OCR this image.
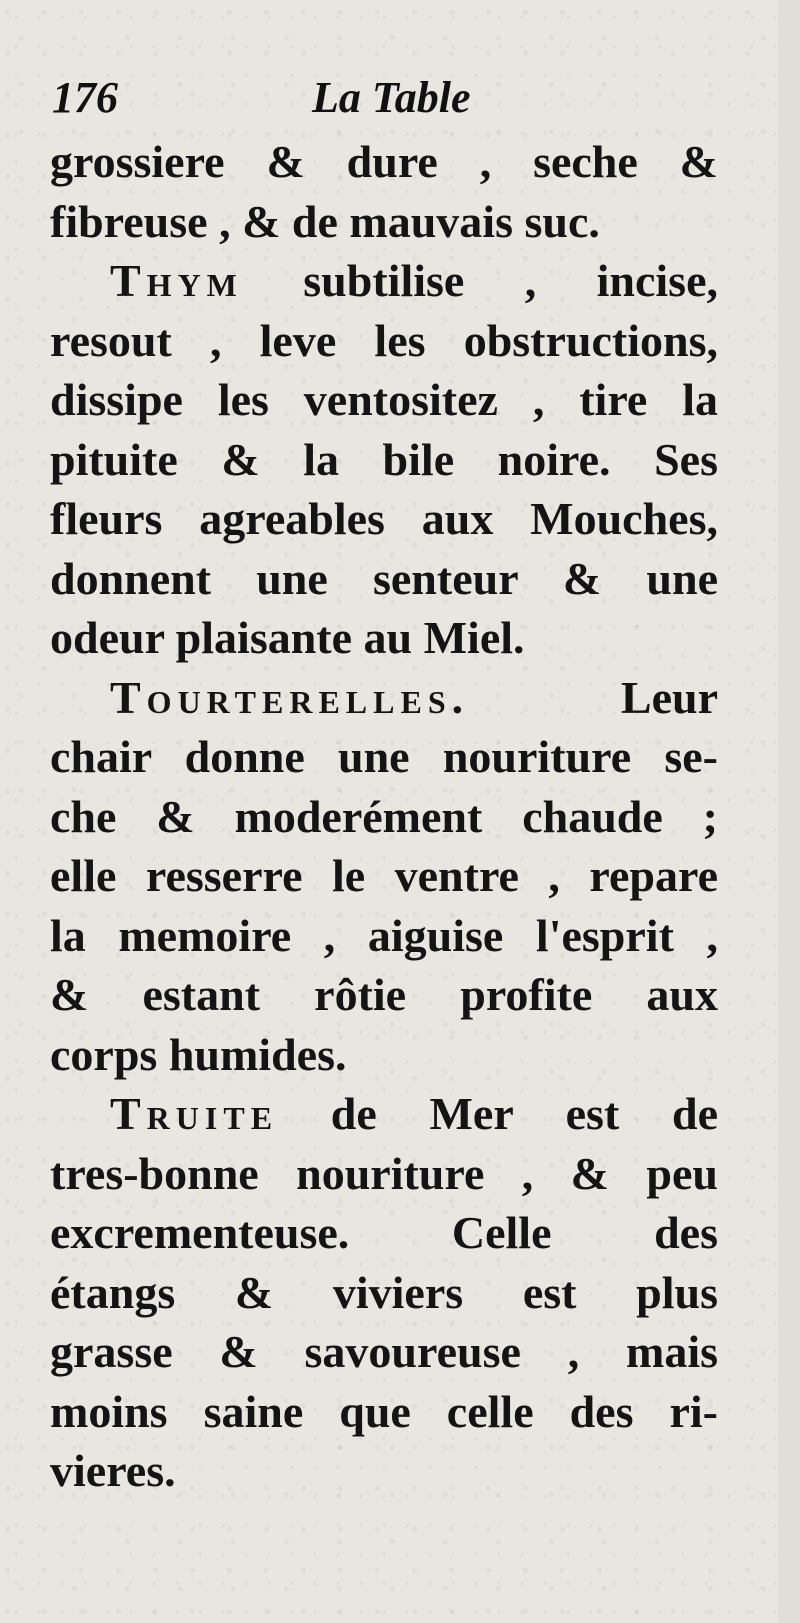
176	La Table
grossiere & dure , seche &
fibreuse , & de mauvais suc.
Thym subtilise , incise,
resout , leve les obstructions,
dissipe les ventositez , tire la
pituite & la bile noire. Ses
fleurs agreables aux Mouches,
donnent une senteur & une
odeur plaisante au Miel.
Tourterelles. Leur
chair donne une nouriture se-
che & moderément chaude ;
elle resserre le ventre , repare
la memoire , aiguise l'esprit ,
& estant rôtie profite aux
corps humides.
Truite de Mer est de
tres-bonne nouriture , & peu
excrementeuse. Celle des
étangs & viviers est plus
grasse & savoureuse , mais
moins saine que celle des ri-
vieres.
